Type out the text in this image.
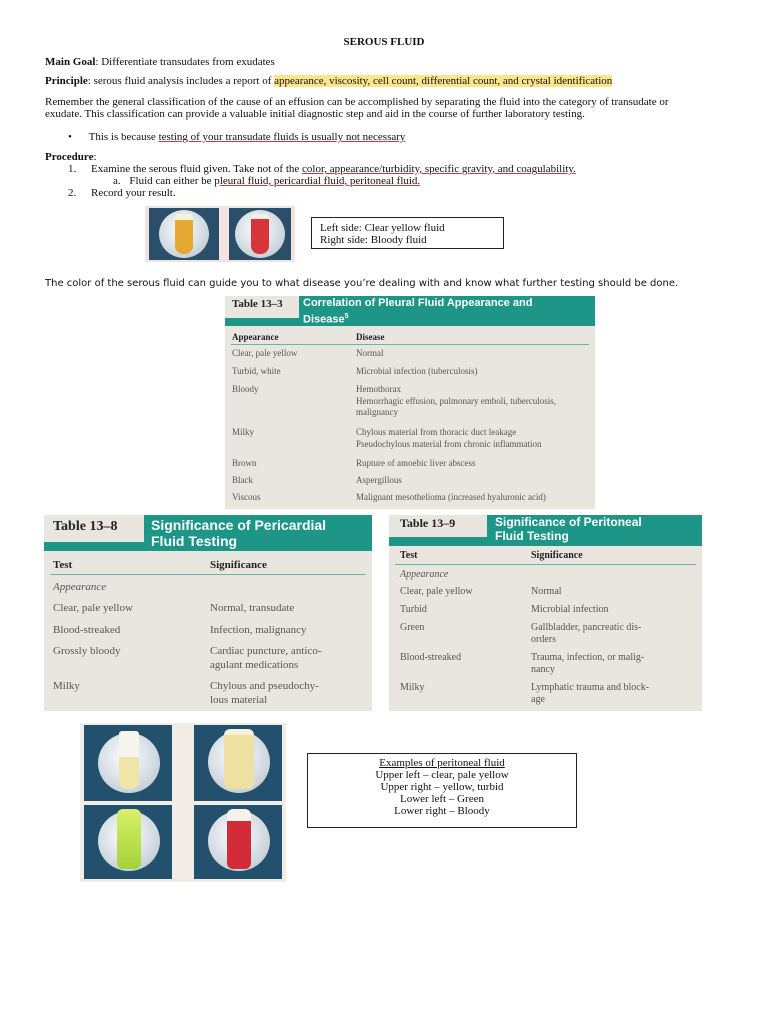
SEROUS FLUID
Main Goal: Differentiate transudates from exudates
Principle: serous fluid analysis includes a report of appearance, viscosity, cell count, differential count, and crystal identification
Remember the general classification of the cause of an effusion can be accomplished by separating the fluid into the category of transudate or exudate. This classification can provide a valuable initial diagnostic step and aid in the course of further laboratory testing.
• This is because testing of your transudate fluids is usually not necessary
Procedure:
1. Examine the serous fluid given. Take not of the color, appearance/turbidity, specific gravity, and coagulability.
a. Fluid can either be pleural fluid, pericardial fluid, peritoneal fluid.
2. Record your result.
Left side: Clear yellow fluid
Right side: Bloody fluid
The color of the serous fluid can guide you to what disease you’re dealing with and know what further testing should be done.
Table 13–3	Correlation of Pleural Fluid Appearance and
Disease$^5$
Appearance	Disease
Clear, pale yellow	Normal
Turbid, white	Microbial infection (tuberculosis)
Bloody	Hemothorax
Hemorrhagic effusion, pulmonary emboli, tuberculosis,
malignancy
Milky	Chylous material from thoracic duct leakage
Pseudochylous material from chronic inflammation
Brown	Rupture of amoebic liver abscess
Black	Aspergillous
Viscous	Malignant mesothelioma (increased hyaluronic acid)
Table 13–8	Significance of Pericardial
Fluid Testing
Test	Significance
Appearance
Clear, pale yellow	Normal, transudate
Blood-streaked	Infection, malignancy
Grossly bloody	Cardiac puncture, antico-
agulant medications
Milky	Chylous and pseudochy-
lous material
Table 13–9	Significance of Peritoneal
Fluid Testing
Test	Significance
Appearance
Clear, pale yellow	Normal
Turbid	Microbial infection
Green	Gallbladder, pancreatic dis-
orders
Blood-streaked	Trauma, infection, or malig-
nancy
Milky	Lymphatic trauma and block-
age
Examples of peritoneal fluid
Upper left – clear, pale yellow
Upper right – yellow, turbid
Lower left – Green
Lower right – Bloody
